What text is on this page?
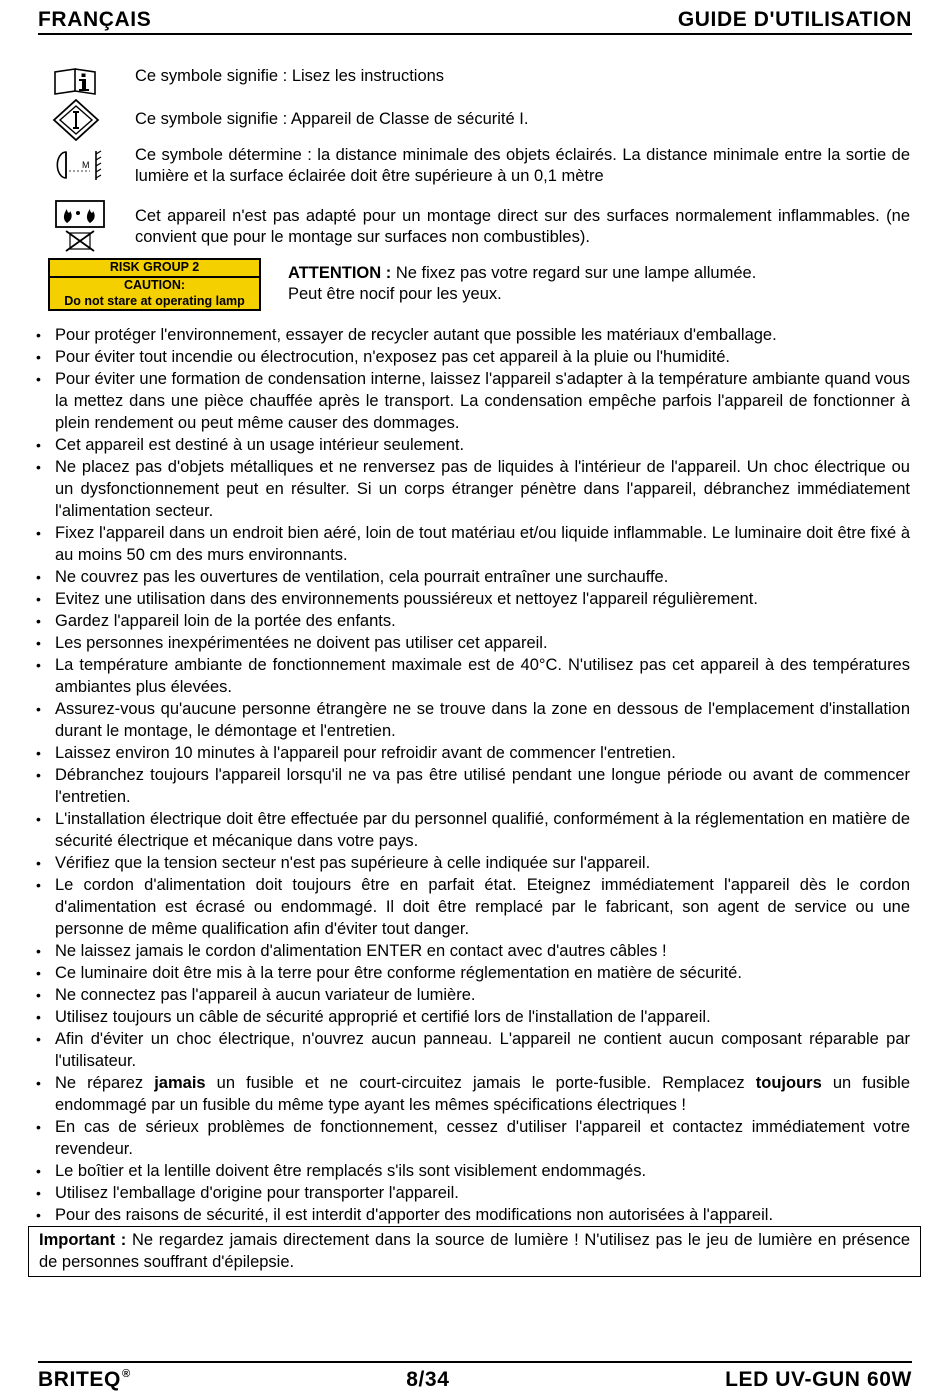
FRANÇAIS	GUIDE D'UTILISATION
Ce symbole signifie : Lisez les instructions
Ce symbole signifie : Appareil de Classe de sécurité I.
M
Ce symbole détermine : la distance minimale des objets éclairés. La distance minimale entre la sortie de lumière et la surface éclairée doit être supérieure à un 0,1 mètre
Cet appareil n'est pas adapté pour un montage direct sur des surfaces normalement inflammables. (ne convient que pour le montage sur surfaces non combustibles).
RISK GROUP 2
CAUTION:
Do not stare at operating lamp
ATTENTION : Ne fixez pas votre regard sur une lampe allumée.
Peut être nocif pour les yeux.
• Pour protéger l'environnement, essayer de recycler autant que possible les matériaux d'emballage.
• Pour éviter tout incendie ou électrocution, n'exposez pas cet appareil à la pluie ou l'humidité.
• Pour éviter une formation de condensation interne, laissez l'appareil s'adapter à la température ambiante quand vous la mettez dans une pièce chauffée après le transport. La condensation empêche parfois l'appareil de fonctionner à plein rendement ou peut même causer des dommages.
• Cet appareil est destiné à un usage intérieur seulement.
• Ne placez pas d'objets métalliques et ne renversez pas de liquides à l'intérieur de l'appareil. Un choc électrique ou un dysfonctionnement peut en résulter. Si un corps étranger pénètre dans l'appareil, débranchez immédiatement l'alimentation secteur.
• Fixez l'appareil dans un endroit bien aéré, loin de tout matériau et/ou liquide inflammable. Le luminaire doit être fixé à au moins 50 cm des murs environnants.
• Ne couvrez pas les ouvertures de ventilation, cela pourrait entraîner une surchauffe.
• Evitez une utilisation dans des environnements poussiéreux et nettoyez l'appareil régulièrement.
• Gardez l'appareil loin de la portée des enfants.
• Les personnes inexpérimentées ne doivent pas utiliser cet appareil.
• La température ambiante de fonctionnement maximale est de 40°C. N'utilisez pas cet appareil à des températures ambiantes plus élevées.
• Assurez-vous qu'aucune personne étrangère ne se trouve dans la zone en dessous de l'emplacement d'installation durant le montage, le démontage et l'entretien.
• Laissez environ 10 minutes à l'appareil pour refroidir avant de commencer l'entretien.
• Débranchez toujours l'appareil lorsqu'il ne va pas être utilisé pendant une longue période ou avant de commencer l'entretien.
• L'installation électrique doit être effectuée par du personnel qualifié, conformément à la réglementation en matière de sécurité électrique et mécanique dans votre pays.
• Vérifiez que la tension secteur n'est pas supérieure à celle indiquée sur l'appareil.
• Le cordon d'alimentation doit toujours être en parfait état. Eteignez immédiatement l'appareil dès le cordon d'alimentation est écrasé ou endommagé. Il doit être remplacé par le fabricant, son agent de service ou une personne de même qualification afin d'éviter tout danger.
• Ne laissez jamais le cordon d'alimentation ENTER en contact avec d'autres câbles !
• Ce luminaire doit être mis à la terre pour être conforme réglementation en matière de sécurité.
• Ne connectez pas l'appareil à aucun variateur de lumière.
• Utilisez toujours un câble de sécurité approprié et certifié lors de l'installation de l'appareil.
• Afin d'éviter un choc électrique, n'ouvrez aucun panneau. L'appareil ne contient aucun composant réparable par l'utilisateur.
• Ne réparez jamais un fusible et ne court-circuitez jamais le porte-fusible. Remplacez toujours un fusible endommagé par un fusible du même type ayant les mêmes spécifications électriques !
• En cas de sérieux problèmes de fonctionnement, cessez d'utiliser l'appareil et contactez immédiatement votre revendeur.
• Le boîtier et la lentille doivent être remplacés s'ils sont visiblement endommagés.
• Utilisez l'emballage d'origine pour transporter l'appareil.
• Pour des raisons de sécurité, il est interdit d'apporter des modifications non autorisées à l'appareil.
Important : Ne regardez jamais directement dans la source de lumière ! N'utilisez pas le jeu de lumière en présence de personnes souffrant d'épilepsie.
BRITEQ®	8/34	LED UV-GUN 60W
